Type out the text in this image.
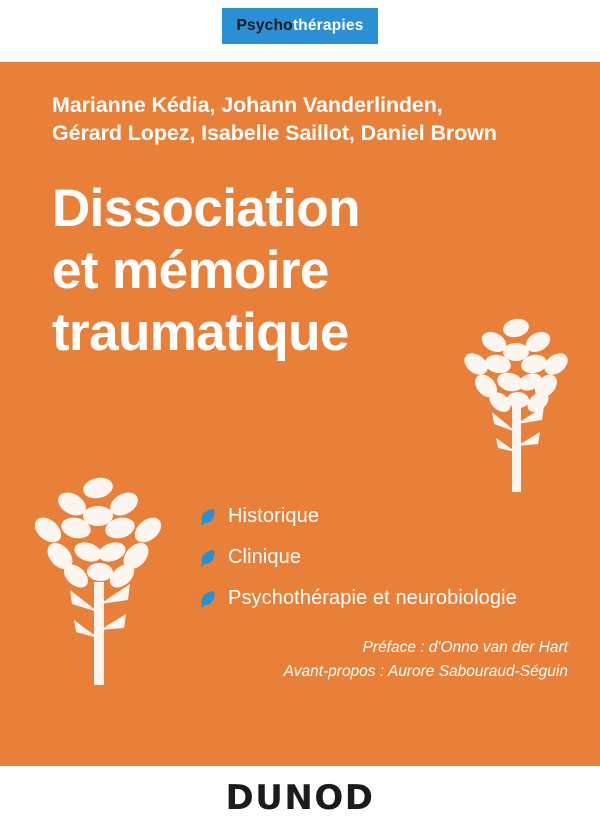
Psychothérapies
Marianne Kédia, Johann Vanderlinden,
Gérard Lopez, Isabelle Saillot, Daniel Brown
Dissociation
et mémoire
traumatique
Historique
Clinique
Psychothérapie et neurobiologie
Préface : d'Onno van der Hart
Avant-propos : Aurore Sabouraud-Séguin
DUNOD
